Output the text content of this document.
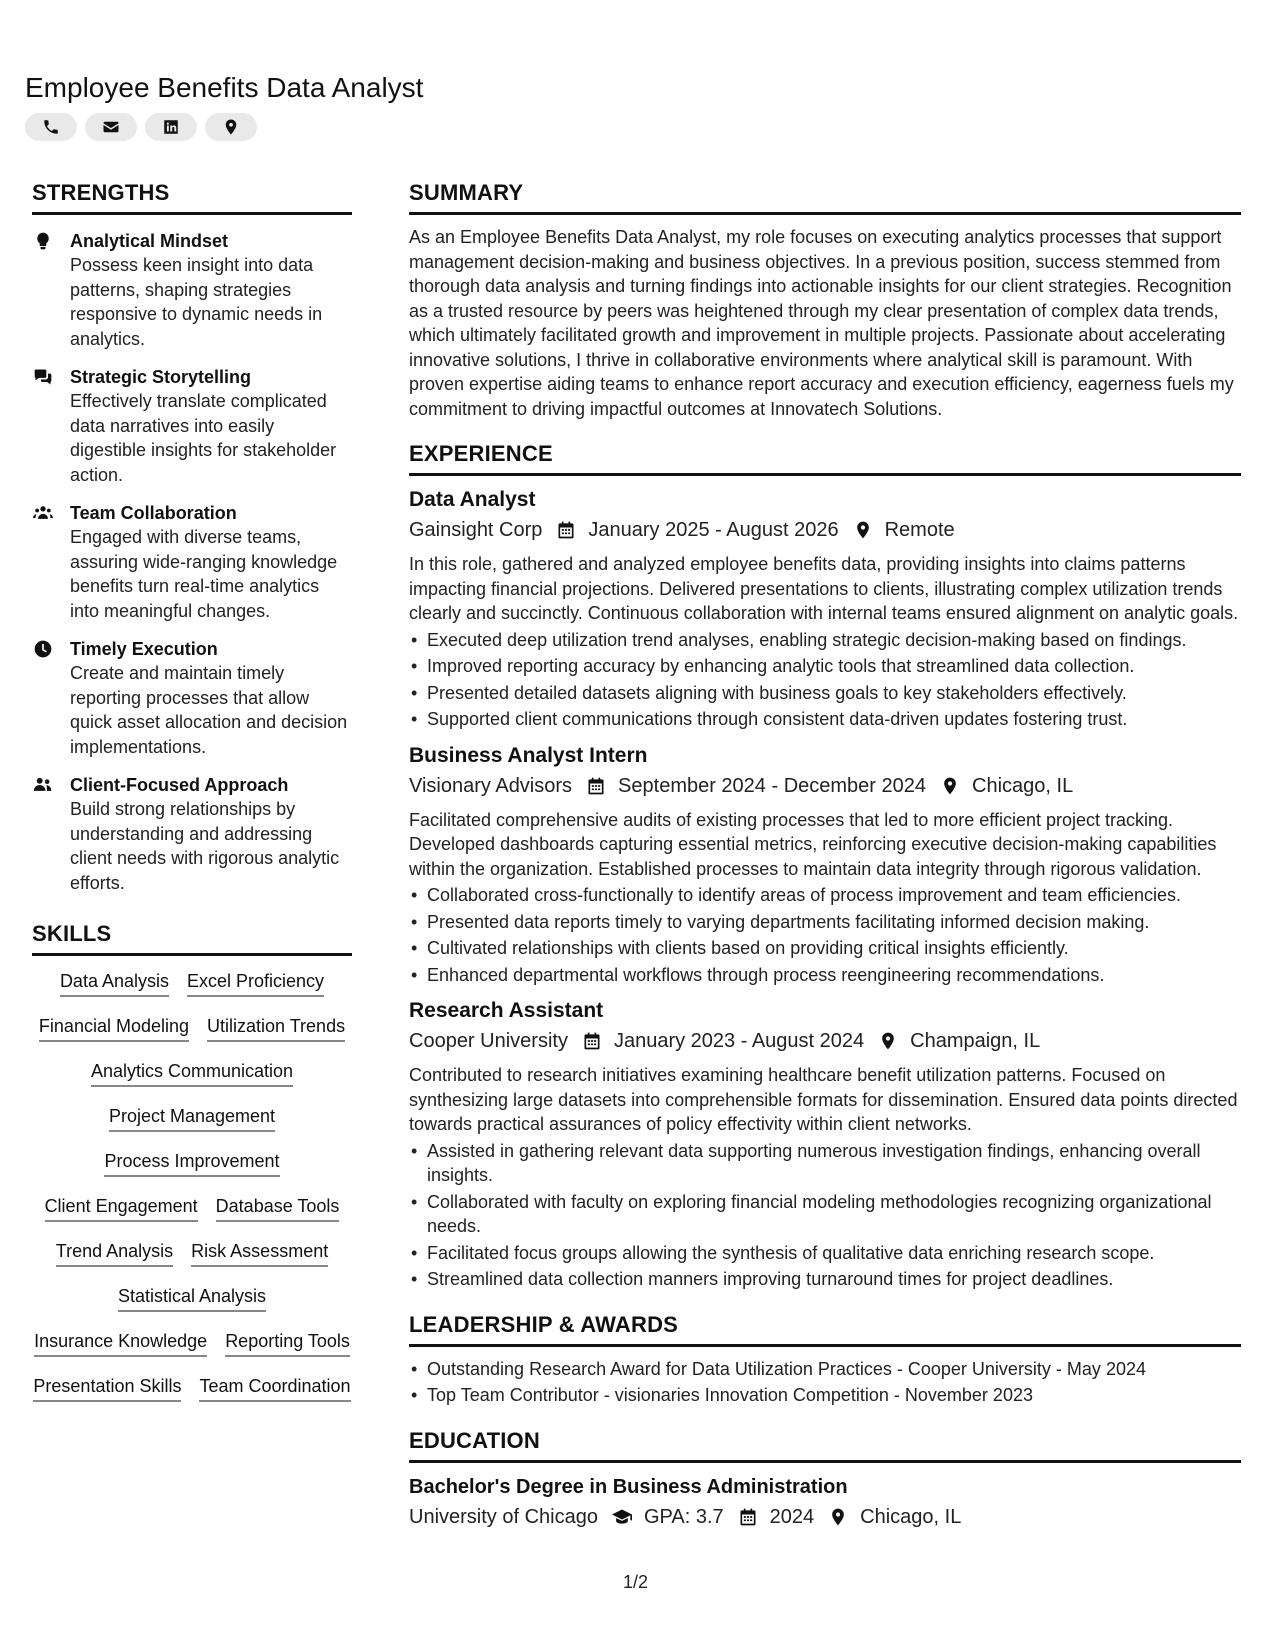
Employee Benefits Data Analyst
STRENGTHS
Analytical Mindset
Possess keen insight into data patterns, shaping strategies responsive to dynamic needs in analytics.
Strategic Storytelling
Effectively translate complicated data narratives into easily digestible insights for stakeholder action.
Team Collaboration
Engaged with diverse teams, assuring wide-ranging knowledge benefits turn real-time analytics into meaningful changes.
Timely Execution
Create and maintain timely reporting processes that allow quick asset allocation and decision implementations.
Client-Focused Approach
Build strong relationships by understanding and addressing client needs with rigorous analytic efforts.
SKILLS
Data Analysis Excel Proficiency
Financial Modeling Utilization Trends
Analytics Communication
Project Management
Process Improvement
Client Engagement Database Tools
Trend Analysis Risk Assessment
Statistical Analysis
Insurance Knowledge Reporting Tools
Presentation Skills Team Coordination
SUMMARY
As an Employee Benefits Data Analyst, my role focuses on executing analytics processes that support management decision-making and business objectives. In a previous position, success stemmed from thorough data analysis and turning findings into actionable insights for our client strategies. Recognition as a trusted resource by peers was heightened through my clear presentation of complex data trends, which ultimately facilitated growth and improvement in multiple projects. Passionate about accelerating innovative solutions, I thrive in collaborative environments where analytical skill is paramount. With proven expertise aiding teams to enhance report accuracy and execution efficiency, eagerness fuels my commitment to driving impactful outcomes at Innovatech Solutions.
EXPERIENCE
Data Analyst
Gainsight Corp January 2025 - August 2026 Remote
In this role, gathered and analyzed employee benefits data, providing insights into claims patterns impacting financial projections. Delivered presentations to clients, illustrating complex utilization trends clearly and succinctly. Continuous collaboration with internal teams ensured alignment on analytic goals.
• Executed deep utilization trend analyses, enabling strategic decision-making based on findings.
• Improved reporting accuracy by enhancing analytic tools that streamlined data collection.
• Presented detailed datasets aligning with business goals to key stakeholders effectively.
• Supported client communications through consistent data-driven updates fostering trust.
Business Analyst Intern
Visionary Advisors September 2024 - December 2024 Chicago, IL
Facilitated comprehensive audits of existing processes that led to more efficient project tracking. Developed dashboards capturing essential metrics, reinforcing executive decision-making capabilities within the organization. Established processes to maintain data integrity through rigorous validation.
• Collaborated cross-functionally to identify areas of process improvement and team efficiencies.
• Presented data reports timely to varying departments facilitating informed decision making.
• Cultivated relationships with clients based on providing critical insights efficiently.
• Enhanced departmental workflows through process reengineering recommendations.
Research Assistant
Cooper University January 2023 - August 2024 Champaign, IL
Contributed to research initiatives examining healthcare benefit utilization patterns. Focused on synthesizing large datasets into comprehensible formats for dissemination. Ensured data points directed towards practical assurances of policy effectivity within client networks.
• Assisted in gathering relevant data supporting numerous investigation findings, enhancing overall insights.
• Collaborated with faculty on exploring financial modeling methodologies recognizing organizational needs.
• Facilitated focus groups allowing the synthesis of qualitative data enriching research scope.
• Streamlined data collection manners improving turnaround times for project deadlines.
LEADERSHIP & AWARDS
• Outstanding Research Award for Data Utilization Practices - Cooper University - May 2024
• Top Team Contributor - visionaries Innovation Competition - November 2023
EDUCATION
Bachelor's Degree in Business Administration
University of Chicago GPA: 3.7 2024 Chicago, IL
1/2
